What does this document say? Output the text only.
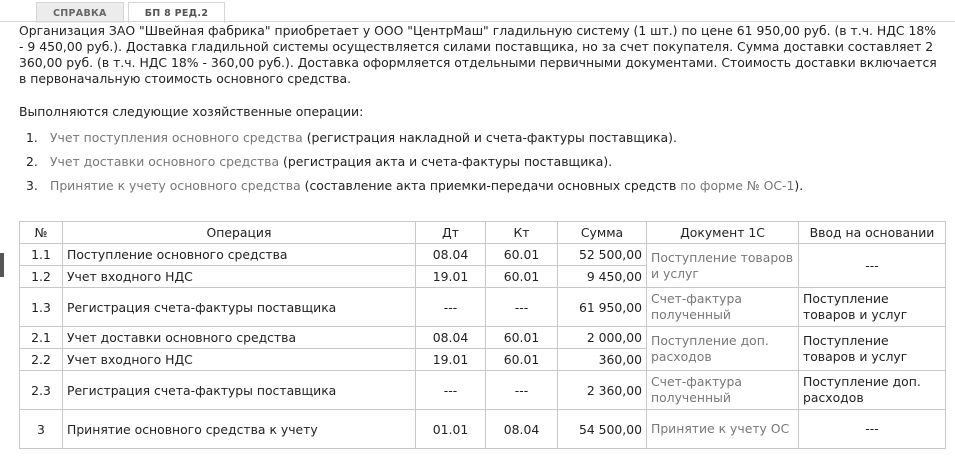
СПРАВКА	БП 8 РЕД.2

Организация ЗАО "Швейная фабрика" приобретает у ООО "ЦентрМаш" гладильную систему (1 шт.) по цене 61 950,00 руб. (в т.ч. НДС 18% - 9 450,00 руб.). Доставка гладильной системы осуществляется силами поставщика, но за счет покупателя. Сумма доставки составляет 2 360,00 руб. (в т.ч. НДС 18% - 360,00 руб.). Доставка оформляется отдельными первичными документами. Стоимость доставки включается в первоначальную стоимость основного средства.

Выполняются следующие хозяйственные операции:

1. Учет поступления основного средства (регистрация накладной и счета-фактуры поставщика).
2. Учет доставки основного средства (регистрация акта и счета-фактуры поставщика).
3. Принятие к учету основного средства (составление акта приемки-передачи основных средств по форме № ОС-1).
№	Операция	Дт	Кт	Сумма	Документ 1С	Ввод на основании
1.1	Поступление основного средства	08.04	60.01	52 500,00	Поступление товаров и услуг	---
1.2	Учет входного НДС	19.01	60.01	9 450,00		
1.3	Регистрация счета-фактуры поставщика	---	---	61 950,00	Счет-фактура полученный	Поступление товаров и услуг
2.1	Учет доставки основного средства	08.04	60.01	2 000,00	Поступление доп. расходов	Поступление товаров и услуг
2.2	Учет входного НДС	19.01	60.01	360,00		
2.3	Регистрация счета-фактуры поставщика	---	---	2 360,00	Счет-фактура полученный	Поступление доп. расходов
3	Принятие основного средства к учету	01.01	08.04	54 500,00	Принятие к учету ОС	---
